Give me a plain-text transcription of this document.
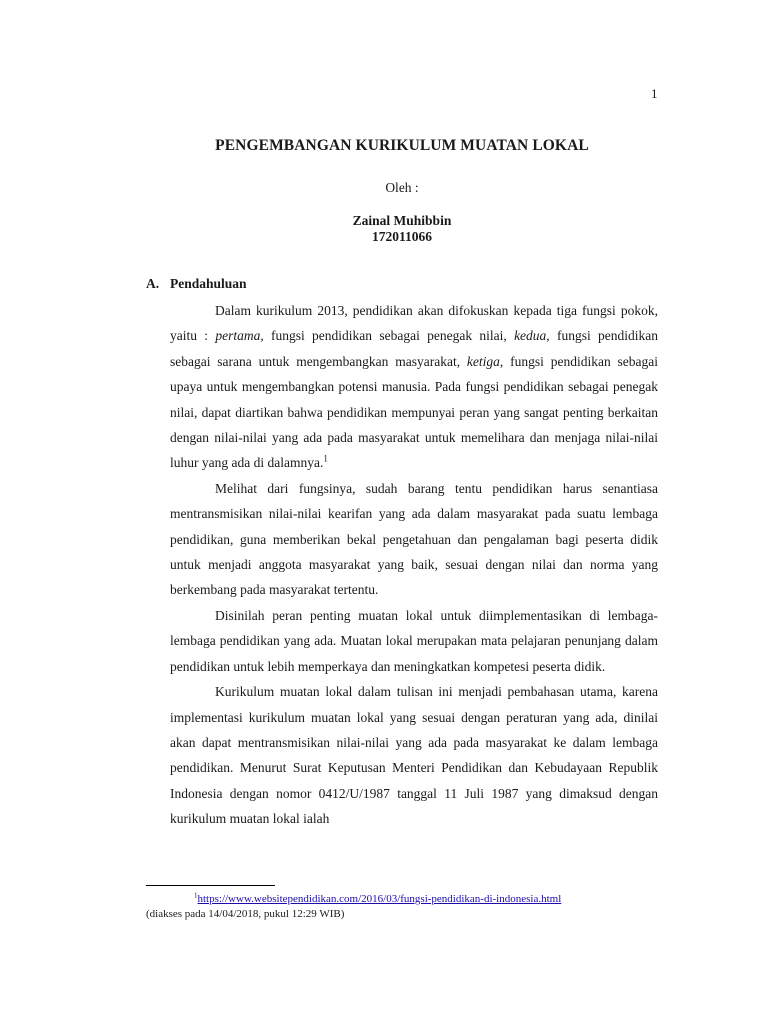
1
PENGEMBANGAN KURIKULUM MUATAN LOKAL
Oleh :
Zainal Muhibbin
172011066
A. Pendahuluan

Dalam kurikulum 2013, pendidikan akan difokuskan kepada tiga fungsi pokok, yaitu : pertama, fungsi pendidikan sebagai penegak nilai, kedua, fungsi pendidikan sebagai sarana untuk mengembangkan masyarakat, ketiga, fungsi pendidikan sebagai upaya untuk mengembangkan potensi manusia. Pada fungsi pendidikan sebagai penegak nilai, dapat diartikan bahwa pendidikan mempunyai peran yang sangat penting berkaitan dengan nilai-nilai yang ada pada masyarakat untuk memelihara dan menjaga nilai-nilai luhur yang ada di dalamnya.$^1$

Melihat dari fungsinya, sudah barang tentu pendidikan harus senantiasa mentransmisikan nilai-nilai kearifan yang ada dalam masyarakat pada suatu lembaga pendidikan, guna memberikan bekal pengetahuan dan pengalaman bagi peserta didik untuk menjadi anggota masyarakat yang baik, sesuai dengan nilai dan norma yang berkembang pada masyarakat tertentu.

Disinilah peran penting muatan lokal untuk diimplementasikan di lembaga-lembaga pendidikan yang ada. Muatan lokal merupakan mata pelajaran penunjang dalam pendidikan untuk lebih memperkaya dan meningkatkan kompetesi peserta didik.

Kurikulum muatan lokal dalam tulisan ini menjadi pembahasan utama, karena implementasi kurikulum muatan lokal yang sesuai dengan peraturan yang ada, dinilai akan dapat mentransmisikan nilai-nilai yang ada pada masyarakat ke dalam lembaga pendidikan. Menurut Surat Keputusan Menteri Pendidikan dan Kebudayaan Republik Indonesia dengan nomor 0412/U/1987 tanggal 11 Juli 1987 yang dimaksud dengan kurikulum muatan lokal ialah

$^1$https://www.websitependidikan.com/2016/03/fungsi-pendidikan-di-indonesia.html
(diakses pada 14/04/2018, pukul 12:29 WIB)
